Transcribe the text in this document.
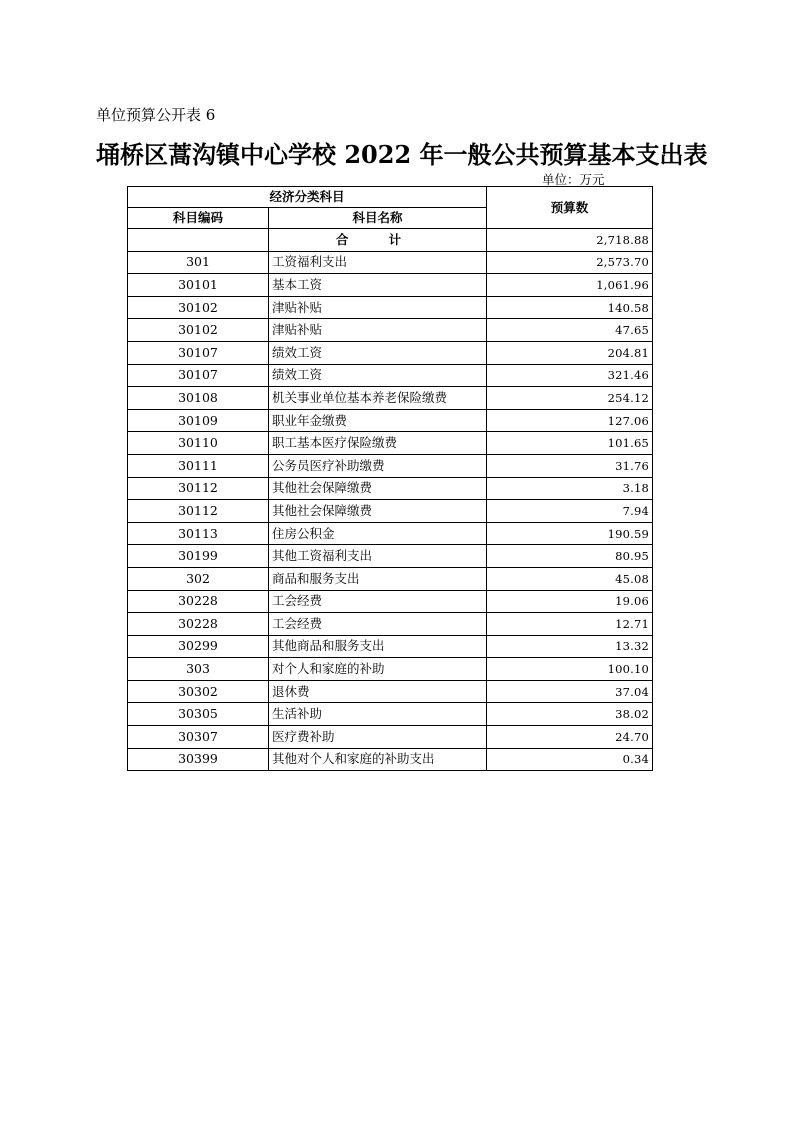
单位预算公开表 6
埇桥区蒿沟镇中心学校 2022 年一般公共预算基本支出表
单位：万元
经济分类科目		预算数
科目编码	科目名称	
	合 计	2,718.88
301	工资福利支出	2,573.70
30101	基本工资	1,061.96
30102	津贴补贴	140.58
30102	津贴补贴	47.65
30107	绩效工资	204.81
30107	绩效工资	321.46
30108	机关事业单位基本养老保险缴费	254.12
30109	职业年金缴费	127.06
30110	职工基本医疗保险缴费	101.65
30111	公务员医疗补助缴费	31.76
30112	其他社会保障缴费	3.18
30112	其他社会保障缴费	7.94
30113	住房公积金	190.59
30199	其他工资福利支出	80.95
302	商品和服务支出	45.08
30228	工会经费	19.06
30228	工会经费	12.71
30299	其他商品和服务支出	13.32
303	对个人和家庭的补助	100.10
30302	退休费	37.04
30305	生活补助	38.02
30307	医疗费补助	24.70
30399	其他对个人和家庭的补助支出	0.34
